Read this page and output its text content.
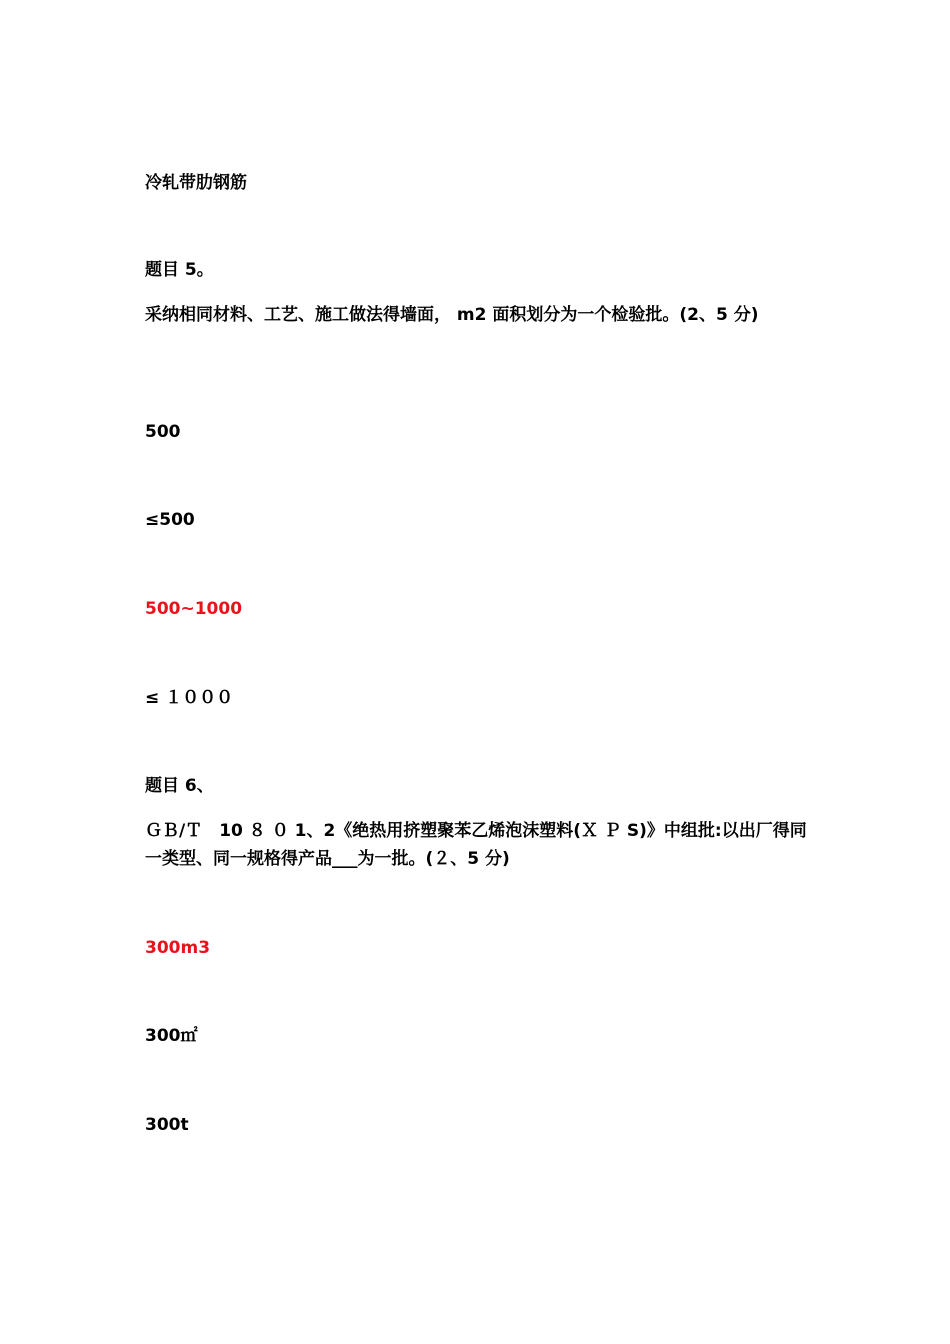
冷轧带肋钢筋
题目 5。
采纳相同材料、工艺、施工做法得墙面， m2 面积划分为一个检验批。(2、5 分)
500
≤500
500~1000
≤ １０００
题目 6、
ＧＢ/Ｔ　10 ８ ０ 1、2《绝热用挤塑聚苯乙烯泡沫塑料(Ｘ Ｐ S)》中组批:以出厂得同一类型、同一规格得产品___为一批。(２、5 分)
300m3
300㎡
300t
